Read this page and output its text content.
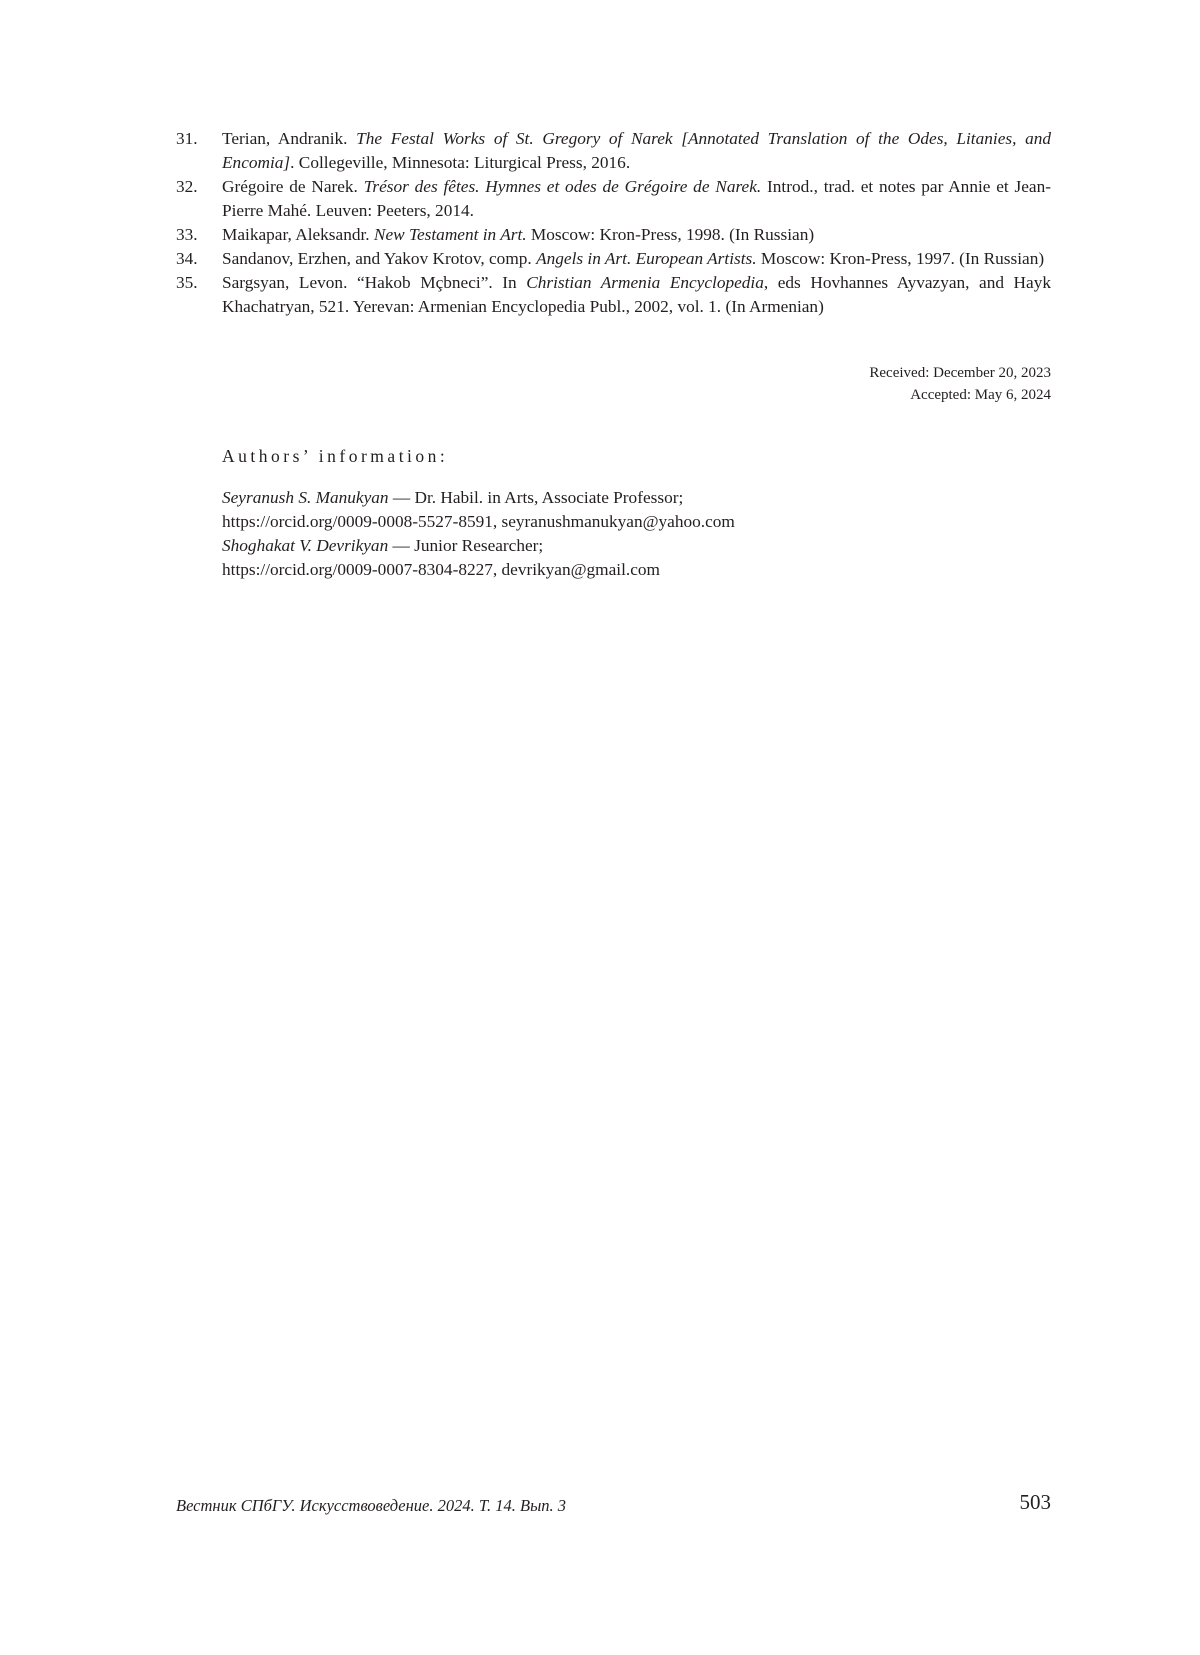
31.	Terian, Andranik. The Festal Works of St. Gregory of Narek [Annotated Translation of the Odes, Litanies, and Encomia]. Collegeville, Minnesota: Liturgical Press, 2016.
32.	Grégoire de Narek. Trésor des fêtes. Hymnes et odes de Grégoire de Narek. Introd., trad. et notes par Annie et Jean-Pierre Mahé. Leuven: Peeters, 2014.
33.	Maikapar, Aleksandr. New Testament in Art. Moscow: Kron-Press, 1998. (In Russian)
34.	Sandanov, Erzhen, and Yakov Krotov, comp. Angels in Art. European Artists. Moscow: Kron-Press, 1997. (In Russian)
35.	Sargsyan, Levon. “Hakob Mçbneci”. In Christian Armenia Encyclopedia, eds Hovhannes Ayvazyan, and Hayk Khachatryan, 521. Yerevan: Armenian Encyclopedia Publ., 2002, vol. 1. (In Armenian)
Received: December 20, 2023
Accepted: May 6, 2024
Authors’ information:
Seyranush S. Manukyan — Dr. Habil. in Arts, Associate Professor;
https://orcid.org/0009-0008-5527-8591, seyranushmanukyan@yahoo.com
Shoghakat V. Devrikyan — Junior Researcher;
https://orcid.org/0009-0007-8304-8227, devrikyan@gmail.com
Вестник СПбГУ. Искусствоведение. 2024. Т. 14. Вып. 3	503
